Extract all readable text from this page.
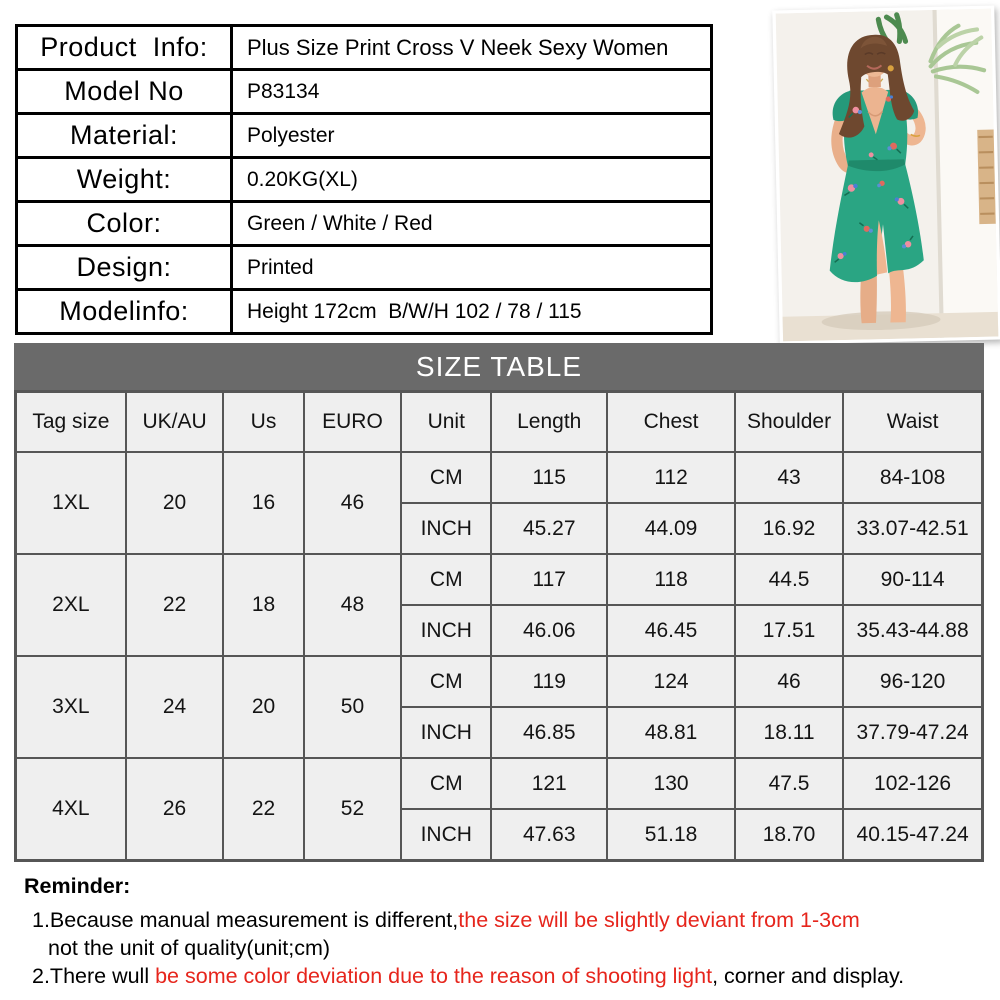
Product  Info:	Plus Size Print Cross V Neek Sexy Women
Model No	P83134
Material:	Polyester
Weight:	0.20KG(XL)
Color:	Green / White / Red
Design:	Printed
Modelinfo:	Height 172cm  B/W/H 102 / 78 / 115
SIZE TABLE
Tag size	UK/AU	Us	EURO	Unit	Length	Chest	Shoulder	Waist
1XL	20	16	46	CM	115	112	43	84-108
				INCH	45.27	44.09	16.92	33.07-42.51
2XL	22	18	48	CM	117	118	44.5	90-114
				INCH	46.06	46.45	17.51	35.43-44.88
3XL	24	20	50	CM	119	124	46	96-120
				INCH	46.85	48.81	18.11	37.79-47.24
4XL	26	22	52	CM	121	130	47.5	102-126
				INCH	47.63	51.18	18.70	40.15-47.24
Reminder:
1.Because manual measurement is different,the size will be slightly deviant from 1-3cm
not the unit of quality(unit;cm)
2.There wull be some color deviation due to the reason of shooting light, corner and display.
